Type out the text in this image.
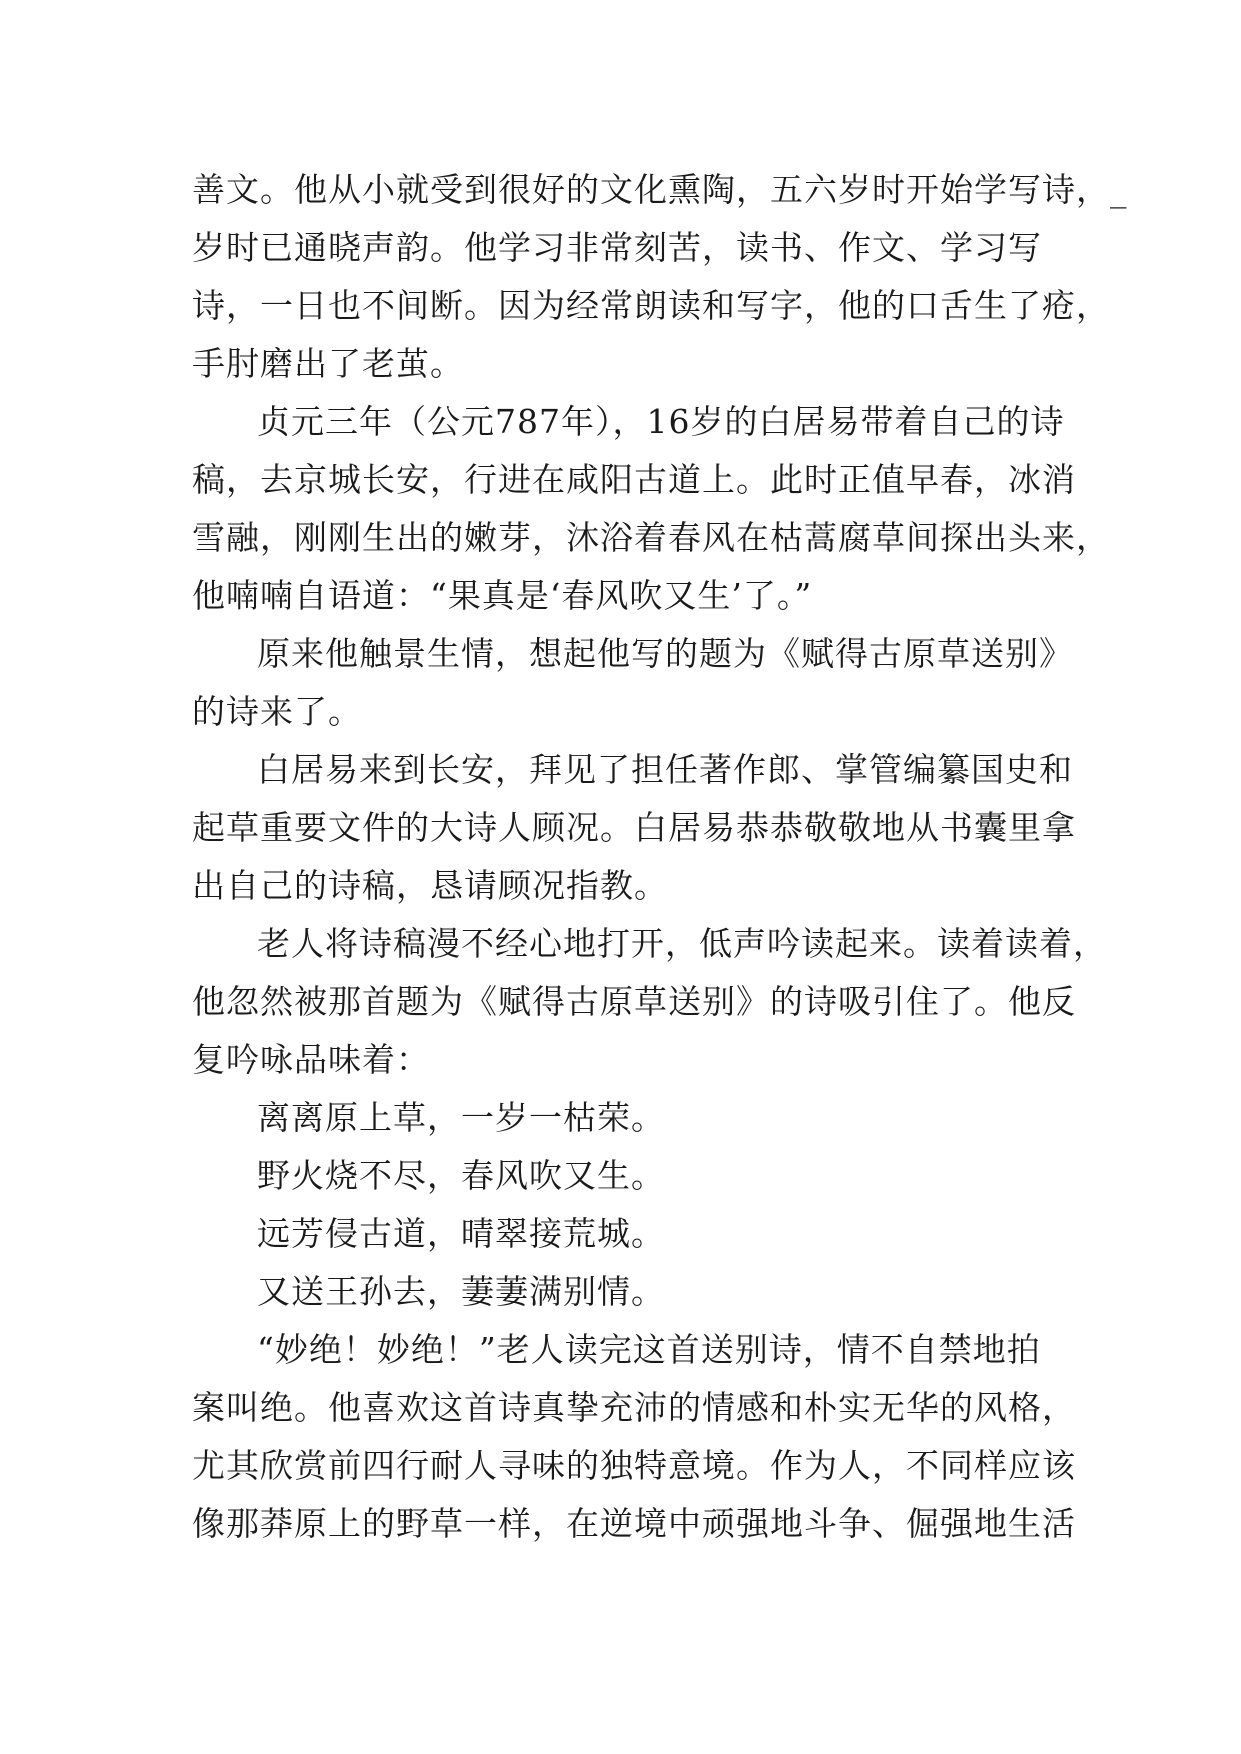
善文。他从小就受到很好的文化熏陶，五六岁时开始学写诗，_
岁时已通晓声韵。他学习非常刻苦，读书、作文、学习写
诗，一日也不间断。因为经常朗读和写字，他的口舌生了疮，
手肘磨出了老茧。
贞元三年（公元787年），16岁的白居易带着自己的诗
稿，去京城长安，行进在咸阳古道上。此时正值早春，冰消
雪融，刚刚生出的嫩芽，沐浴着春风在枯蒿腐草间探出头来，
他喃喃自语道：“果真是‘春风吹又生’了。”
原来他触景生情，想起他写的题为《赋得古原草送别》
的诗来了。
白居易来到长安，拜见了担任著作郎、掌管编纂国史和
起草重要文件的大诗人顾况。白居易恭恭敬敬地从书囊里拿
出自己的诗稿，恳请顾况指教。
老人将诗稿漫不经心地打开，低声吟读起来。读着读着，
他忽然被那首题为《赋得古原草送别》的诗吸引住了。他反
复吟咏品味着：
离离原上草，一岁一枯荣。
野火烧不尽，春风吹又生。
远芳侵古道，晴翠接荒城。
又送王孙去，萋萋满别情。
“妙绝！妙绝！”老人读完这首送别诗，情不自禁地拍
案叫绝。他喜欢这首诗真挚充沛的情感和朴实无华的风格，
尤其欣赏前四行耐人寻味的独特意境。作为人，不同样应该
像那莽原上的野草一样，在逆境中顽强地斗争、倔强地生活
